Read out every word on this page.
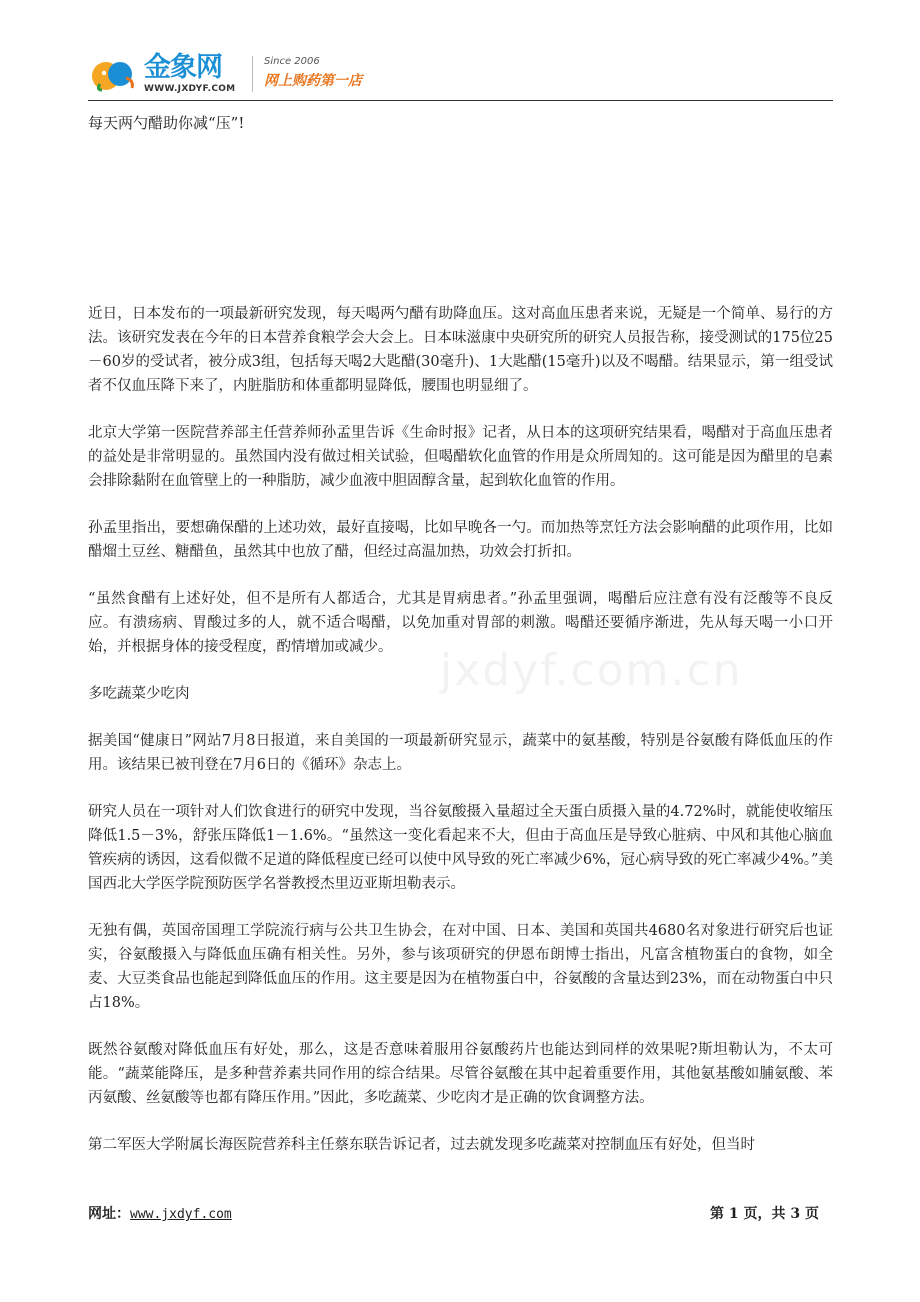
金象网
WWW.JXDYF.COM
Since 2006
网上购药第一店
每天两勺醋助你减“压”!

近日，日本发布的一项最新研究发现，每天喝两勺醋有助降血压。这对高血压患者来说，无疑是一个简单、易行的方法。该研究发表在今年的日本营养食粮学会大会上。日本味滋康中央研究所的研究人员报告称，接受测试的175位25－60岁的受试者，被分成3组，包括每天喝2大匙醋(30毫升)、1大匙醋(15毫升)以及不喝醋。结果显示，第一组受试者不仅血压降下来了，内脏脂肪和体重都明显降低，腰围也明显细了。

北京大学第一医院营养部主任营养师孙孟里告诉《生命时报》记者，从日本的这项研究结果看，喝醋对于高血压患者的益处是非常明显的。虽然国内没有做过相关试验，但喝醋软化血管的作用是众所周知的。这可能是因为醋里的皂素会排除黏附在血管壁上的一种脂肪，减少血液中胆固醇含量，起到软化血管的作用。

孙孟里指出，要想确保醋的上述功效，最好直接喝，比如早晚各一勺。而加热等烹饪方法会影响醋的此项作用，比如醋熘土豆丝、糖醋鱼，虽然其中也放了醋，但经过高温加热，功效会打折扣。

“虽然食醋有上述好处，但不是所有人都适合，尤其是胃病患者。”孙孟里强调，喝醋后应注意有没有泛酸等不良反应。有溃疡病、胃酸过多的人，就不适合喝醋，以免加重对胃部的刺激。喝醋还要循序渐进，先从每天喝一小口开始，并根据身体的接受程度，酌情增加或减少。

多吃蔬菜少吃肉

据美国“健康日”网站7月8日报道，来自美国的一项最新研究显示，蔬菜中的氨基酸，特别是谷氨酸有降低血压的作用。该结果已被刊登在7月6日的《循环》杂志上。

研究人员在一项针对人们饮食进行的研究中发现，当谷氨酸摄入量超过全天蛋白质摄入量的4.72%时，就能使收缩压降低1.5－3%，舒张压降低1－1.6%。“虽然这一变化看起来不大，但由于高血压是导致心脏病、中风和其他心脑血管疾病的诱因，这看似微不足道的降低程度已经可以使中风导致的死亡率减少6%，冠心病导致的死亡率减少4%。”美国西北大学医学院预防医学名誉教授杰里迈亚斯坦勒表示。

无独有偶，英国帝国理工学院流行病与公共卫生协会，在对中国、日本、美国和英国共4680名对象进行研究后也证实，谷氨酸摄入与降低血压确有相关性。另外，参与该项研究的伊恩布朗博士指出，凡富含植物蛋白的食物，如全麦、大豆类食品也能起到降低血压的作用。这主要是因为在植物蛋白中，谷氨酸的含量达到23%，而在动物蛋白中只占18%。

既然谷氨酸对降低血压有好处，那么，这是否意味着服用谷氨酸药片也能达到同样的效果呢?斯坦勒认为，不太可能。“蔬菜能降压，是多种营养素共同作用的综合结果。尽管谷氨酸在其中起着重要作用，其他氨基酸如脯氨酸、苯丙氨酸、丝氨酸等也都有降压作用。”因此，多吃蔬菜、少吃肉才是正确的饮食调整方法。

第二军医大学附属长海医院营养科主任蔡东联告诉记者，过去就发现多吃蔬菜对控制血压有好处，但当时

jxdyf.com.cn
网址：www.jxdyf.com	第 1 页，共 3 页
